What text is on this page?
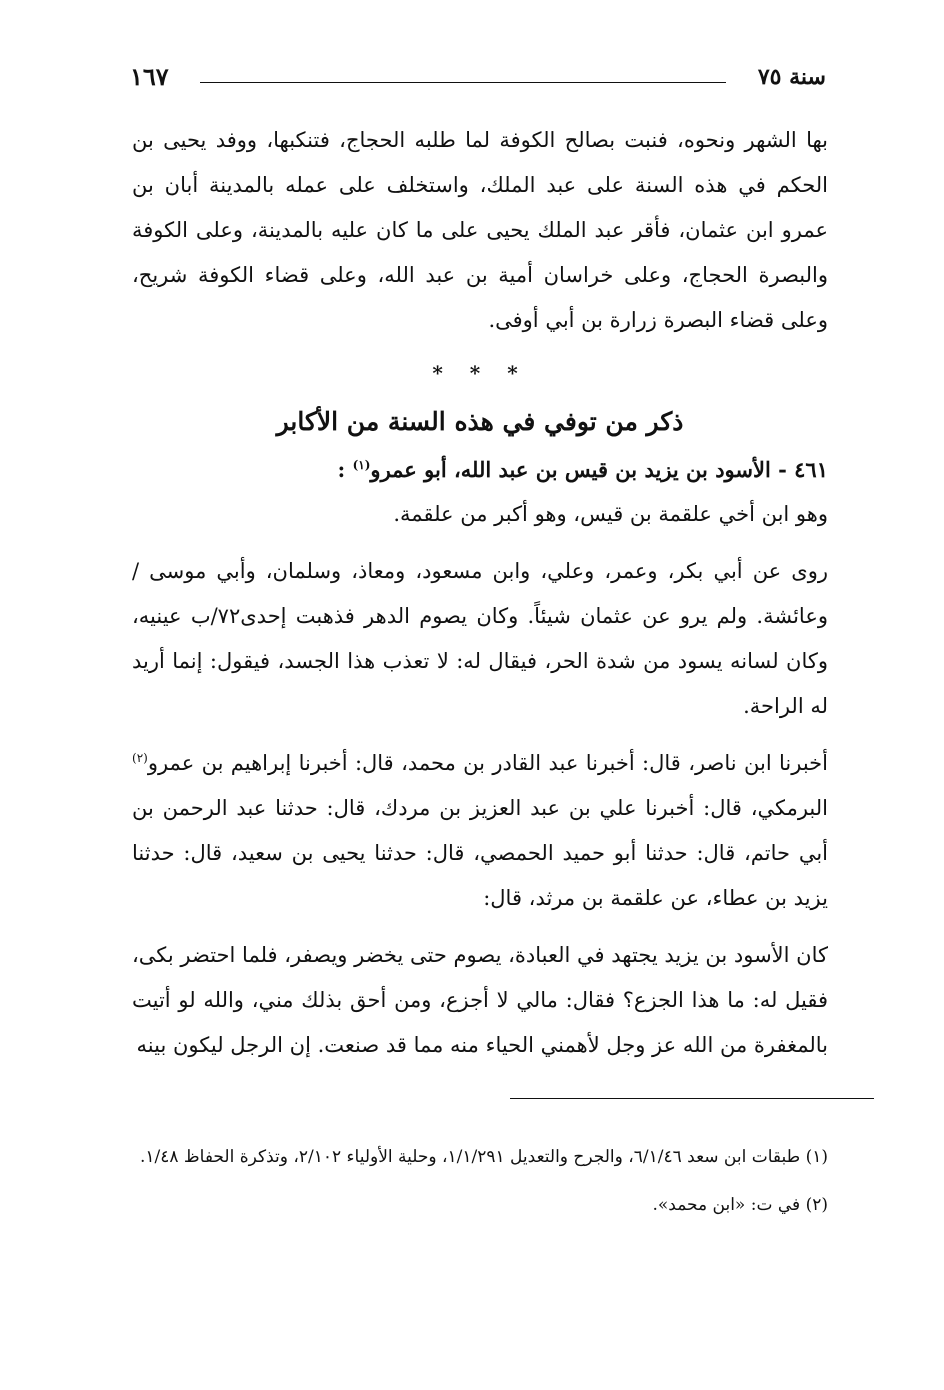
سنة ٧٥
١٦٧

بها الشهر ونحوه، فنبت بصالح الكوفة لما طلبه الحجاج، فتنكبها، ووفد يحيى بن الحكم في هذه السنة على عبد الملك، واستخلف على عمله بالمدينة أبان بن عمرو ابن عثمان، فأقر عبد الملك يحيى على ما كان عليه بالمدينة، وعلى الكوفة والبصرة الحجاج، وعلى خراسان أمية بن عبد الله، وعلى قضاء الكوفة شريح، وعلى قضاء البصرة زرارة بن أبي أوفى.

* * *
ذكر من توفي في هذه السنة من الأكابر

٤٦١ - الأسود بن يزيد بن قيس بن عبد الله، أبو عمرو$^{(١)}$ :

وهو ابن أخي علقمة بن قيس، وهو أكبر من علقمة.

روى عن أبي بكر، وعمر، وعلي، وابن مسعود، ومعاذ، وسلمان، وأبي موسى / وعائشة. ولم يرو عن عثمان شيئاً. وكان يصوم الدهر فذهبت إحدى٧٢/ب عينيه، وكان لسانه يسود من شدة الحر، فيقال له: لا تعذب هذا الجسد، فيقول: إنما أريد له الراحة.

أخبرنا ابن ناصر، قال: أخبرنا عبد القادر بن محمد، قال: أخبرنا إبراهيم بن عمرو$^{(٢)}$ البرمكي، قال: أخبرنا علي بن عبد العزيز بن مردك، قال: حدثنا عبد الرحمن بن أبي حاتم، قال: حدثنا أبو حميد الحمصي، قال: حدثنا يحيى بن سعيد، قال: حدثنا يزيد بن عطاء، عن علقمة بن مرثد، قال:

كان الأسود بن يزيد يجتهد في العبادة، يصوم حتى يخضر ويصفر، فلما احتضر بكى، فقيل له: ما هذا الجزع؟ فقال: مالي لا أجزع، ومن أحق بذلك مني، والله لو أتيت بالمغفرة من الله عز وجل لأهمني الحياء منه مما قد صنعت. إن الرجل ليكون بينه

(١) طبقات ابن سعد ٦/١/٤٦، والجرح والتعديل ١/١/٢٩١، وحلية الأولياء ٢/١٠٢، وتذكرة الحفاظ ١/٤٨.

(٢) في ت: «ابن محمد».
